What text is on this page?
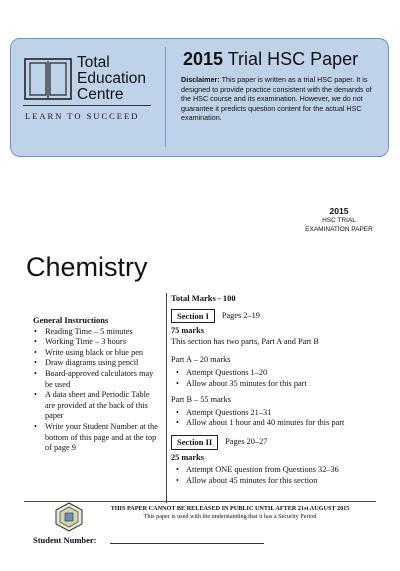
Total
Education
Centre
LEARN TO SUCCEED
2015 Trial HSC Paper
Disclaimer: This paper is written as a trial HSC paper. It is designed to provide practice consistent with the demands of the HSC course and its examination. However, we do not guarantee it predicts question content for the actual HSC examination.
2015
HSC TRIAL
EXAMINATION PAPER
Chemistry
General Instructions
• Reading Time – 5 minutes
• Working Time – 3 hours
• Write using black or blue pen
• Draw diagrams using pencil
• Board-approved calculators may be used
• A data sheet and Periodic Table are provided at the back of this paper
• Write your Student Number at the bottom of this page and at the top of page 9
Total Marks - 100
Section I	Pages 2–19
75 marks
This section has two parts, Part A and Part B
Part A – 20 marks
• Attempt Questions 1–20
• Allow about 35 minutes for this part
Part B – 55 marks
• Attempt Questions 21–31
• Allow about 1 hour and 40 minutes for this part
Section II	Pages 20–27
25 marks
• Attempt ONE question from Questions 32–36
• Allow about 45 minutes for this section
THIS PAPER CANNOT BE RELEASED IN PUBLIC UNTIL AFTER 21st AUGUST 2015
This paper is used with the understanding that it has a Security Period
Student Number:
